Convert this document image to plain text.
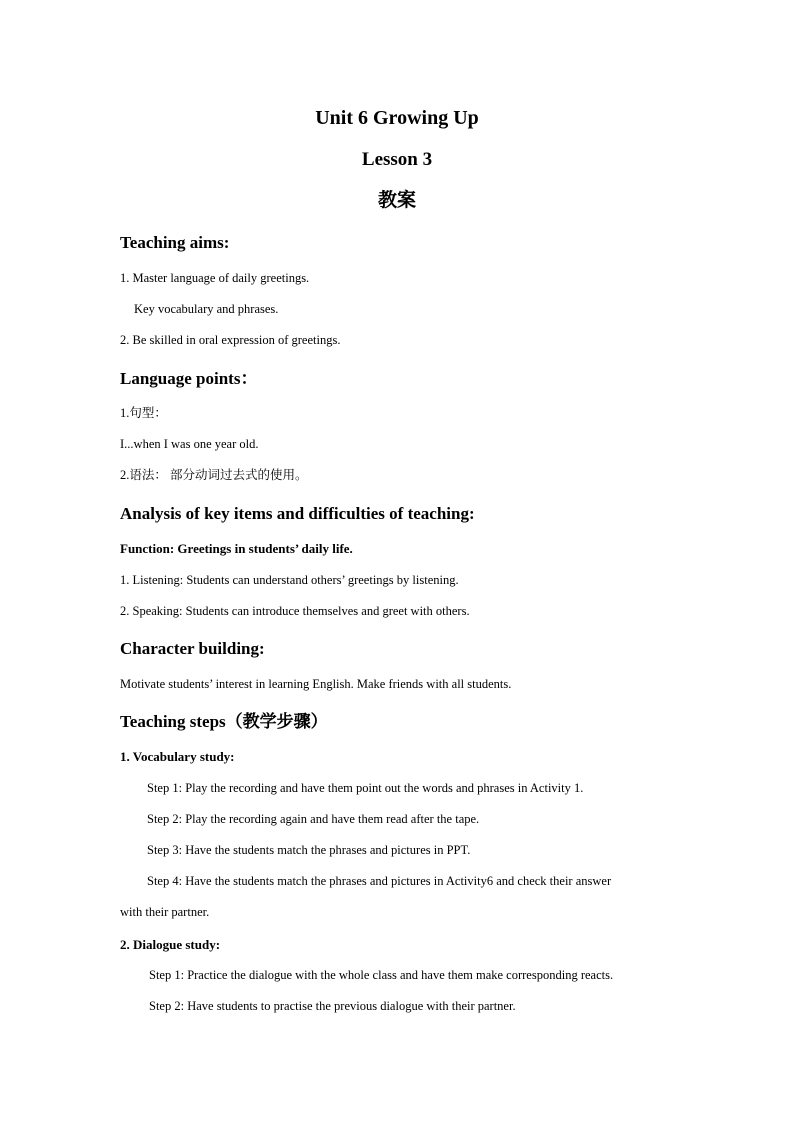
Unit 6 Growing Up
Lesson 3
教案
Teaching aims:
1. Master language of daily greetings.
Key vocabulary and phrases.
2. Be skilled in oral expression of greetings.
Language points：
1.句型：
I...when I was one year old.
2.语法： 部分动词过去式的使用。
Analysis of key items and difficulties of teaching:
Function: Greetings in students’ daily life.
1. Listening: Students can understand others’ greetings by listening.
2. Speaking: Students can introduce themselves and greet with others.
Character building:
Motivate students’ interest in learning English. Make friends with all students.
Teaching steps（教学步骤）
1. Vocabulary study:
Step 1: Play the recording and have them point out the words and phrases in Activity 1.
Step 2: Play the recording again and have them read after the tape.
Step 3: Have the students match the phrases and pictures in PPT.
Step 4: Have the students match the phrases and pictures in Activity6 and check their answer
with their partner.
2. Dialogue study:
Step 1: Practice the dialogue with the whole class and have them make corresponding reacts.
Step 2: Have students to practise the previous dialogue with their partner.
